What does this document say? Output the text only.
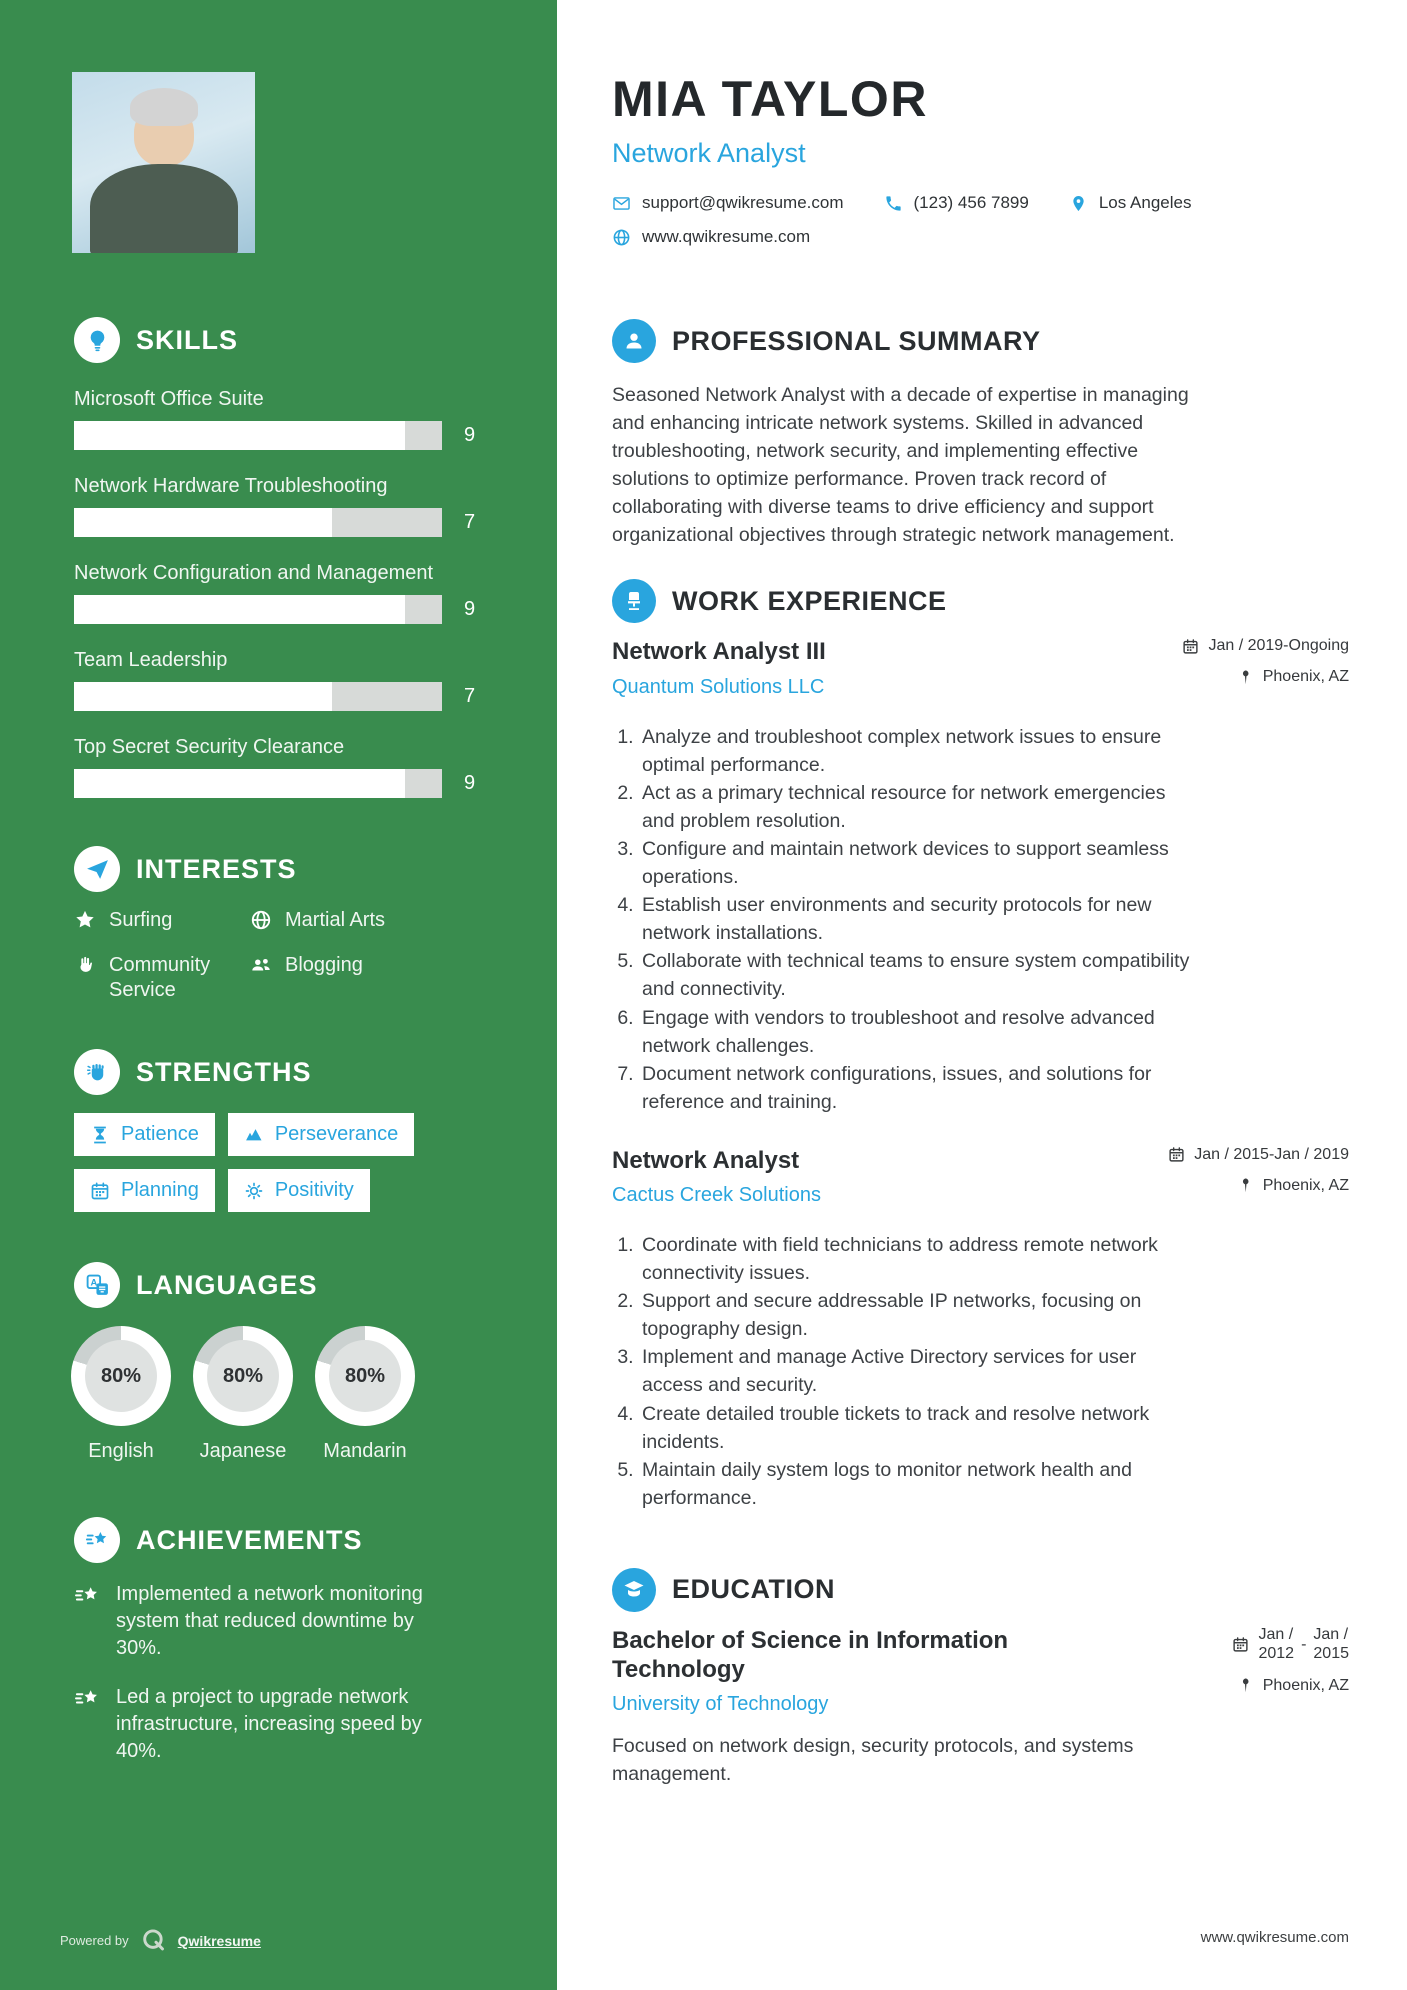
SKILLS
Microsoft Office Suite
9
Network Hardware Troubleshooting
7
Network Configuration and Management
9
Team Leadership
7
Top Secret Security Clearance
9
INTERESTS
Surfing	Martial Arts
Community Service
Blogging
STRENGTHS
Patience	Perseverance
Planning	Positivity
LANGUAGES
80%
English
80%
Japanese
80%
Mandarin
ACHIEVEMENTS
Implemented a network monitoring system that reduced downtime by 30%.
Led a project to upgrade network infrastructure, increasing speed by 40%.
Powered by	Qwikresume
MIA TAYLOR
Network Analyst
support@qwikresume.com	(123) 456 7899	Los Angeles
www.qwikresume.com
PROFESSIONAL SUMMARY

Seasoned Network Analyst with a decade of expertise in managing and enhancing intricate network systems. Skilled in advanced troubleshooting, network security, and implementing effective solutions to optimize performance. Proven track record of collaborating with diverse teams to drive efficiency and support organizational objectives through strategic network management.

WORK EXPERIENCE
Network Analyst III
Quantum Solutions LLC
Jan / 2019-Ongoing
Phoenix, AZ
1. Analyze and troubleshoot complex network issues to ensure optimal performance.
2. Act as a primary technical resource for network emergencies and problem resolution.
3. Configure and maintain network devices to support seamless operations.
4. Establish user environments and security protocols for new network installations.
5. Collaborate with technical teams to ensure system compatibility and connectivity.
6. Engage with vendors to troubleshoot and resolve advanced network challenges.
7. Document network configurations, issues, and solutions for reference and training.
Network Analyst
Cactus Creek Solutions
Jan / 2015-Jan / 2019
Phoenix, AZ
1. Coordinate with field technicians to address remote network connectivity issues.
2. Support and secure addressable IP networks, focusing on topography design.
3. Implement and manage Active Directory services for user access and security.
4. Create detailed trouble tickets to track and resolve network incidents.
5. Maintain daily system logs to monitor network health and performance.
EDUCATION
Bachelor of Science in Information Technology
University of Technology
Jan /
2012
-
Jan /
2015
Phoenix, AZ

Focused on network design, security protocols, and systems management.

www.qwikresume.com
